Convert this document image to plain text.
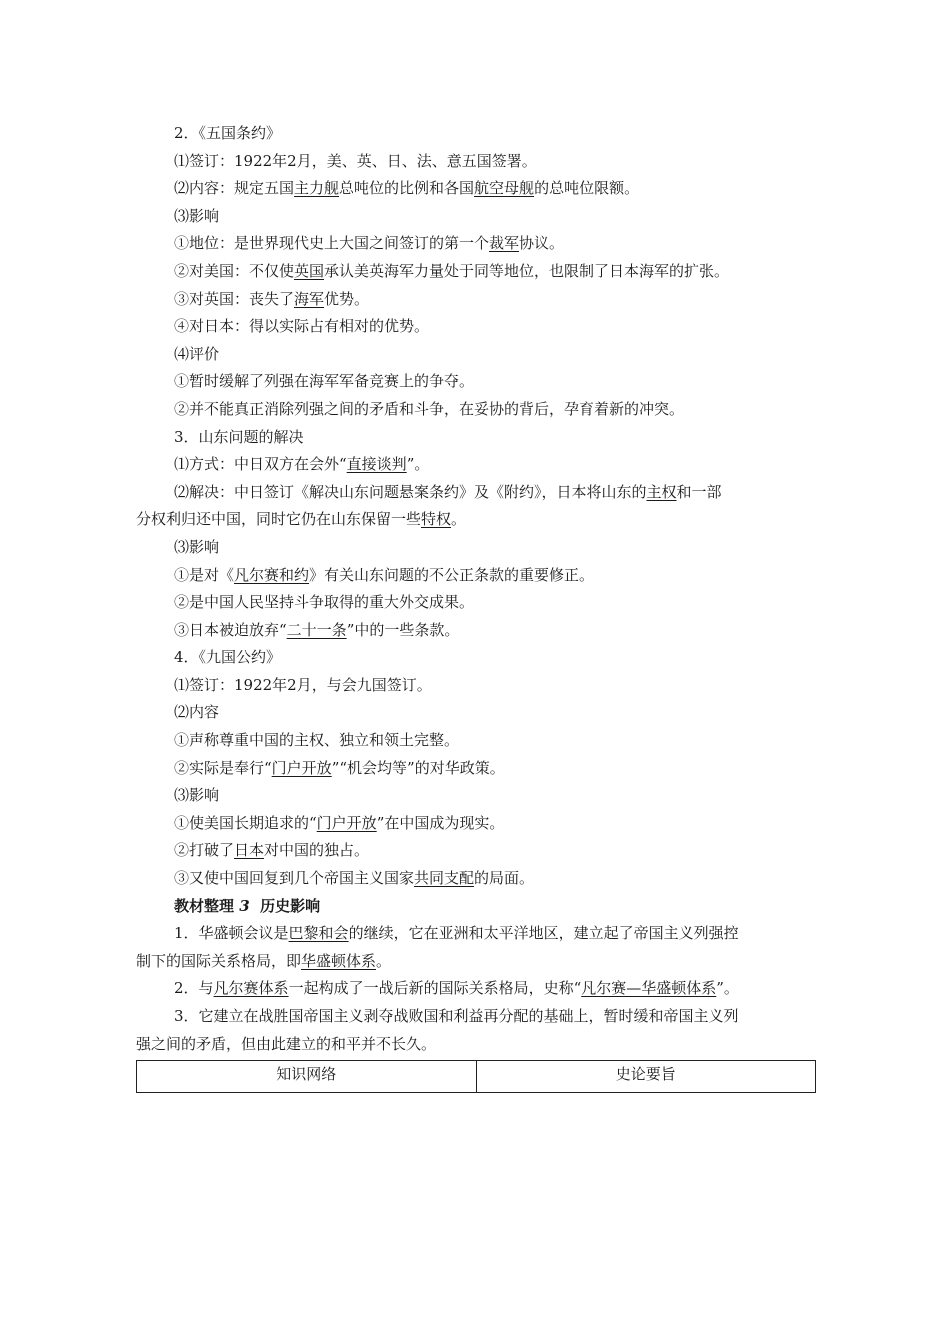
2．《五国条约》

⑴签订：1922年2月，美、英、日、法、意五国签署。

⑵内容：规定五国主力舰总吨位的比例和各国航空母舰的总吨位限额。

⑶影响

①地位：是世界现代史上大国之间签订的第一个裁军协议。

②对美国：不仅使英国承认美英海军力量处于同等地位，也限制了日本海军的扩张。

③对英国：丧失了海军优势。

④对日本：得以实际占有相对的优势。

⑷评价

①暂时缓解了列强在海军军备竞赛上的争夺。

②并不能真正消除列强之间的矛盾和斗争，在妥协的背后，孕育着新的冲突。

3．山东问题的解决

⑴方式：中日双方在会外“直接谈判”。

⑵解决：中日签订《解决山东问题悬案条约》及《附约》，日本将山东的主权和一部

分权利归还中国，同时它仍在山东保留一些特权。

⑶影响

①是对《凡尔赛和约》有关山东问题的不公正条款的重要修正。

②是中国人民坚持斗争取得的重大外交成果。

③日本被迫放弃“二十一条”中的一些条款。

4．《九国公约》

⑴签订：1922年2月，与会九国签订。

⑵内容

①声称尊重中国的主权、独立和领土完整。

②实际是奉行“门户开放”“机会均等”的对华政策。

⑶影响

①使美国长期追求的“门户开放”在中国成为现实。

②打破了日本对中国的独占。

③又使中国回复到几个帝国主义国家共同支配的局面。

教材整理 3 历史影响

1．华盛顿会议是巴黎和会的继续，它在亚洲和太平洋地区，建立起了帝国主义列强控

制下的国际关系格局，即华盛顿体系。

2．与凡尔赛体系一起构成了一战后新的国际关系格局，史称“凡尔赛—华盛顿体系”。

3．它建立在战胜国帝国主义剥夺战败国和利益再分配的基础上，暂时缓和帝国主义列

强之间的矛盾，但由此建立的和平并不长久。

知识网络	史论要旨
